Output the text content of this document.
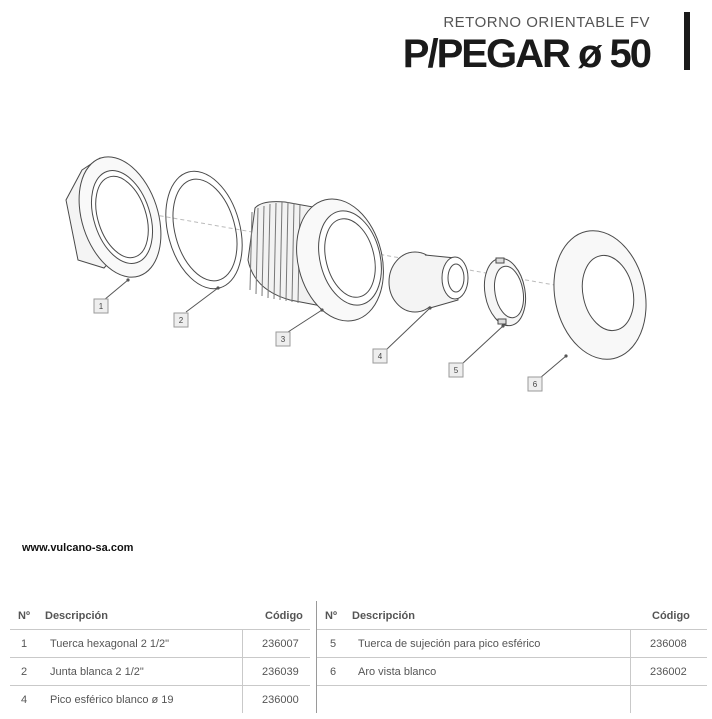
RETORNO ORIENTABLE FV
P/PEGAR ø 50
1
2
3
4
5
6
www.vulcano-sa.com
Nº Descripción	Código
1 Tuerca hexagonal 2 1/2"	236007
2 Junta blanca 2 1/2"	236039
4 Pico esférico blanco ø 19	236000
Nº Descripción	Código
5 Tuerca de sujeción para pico esférico	236008
6 Aro vista blanco	236002
